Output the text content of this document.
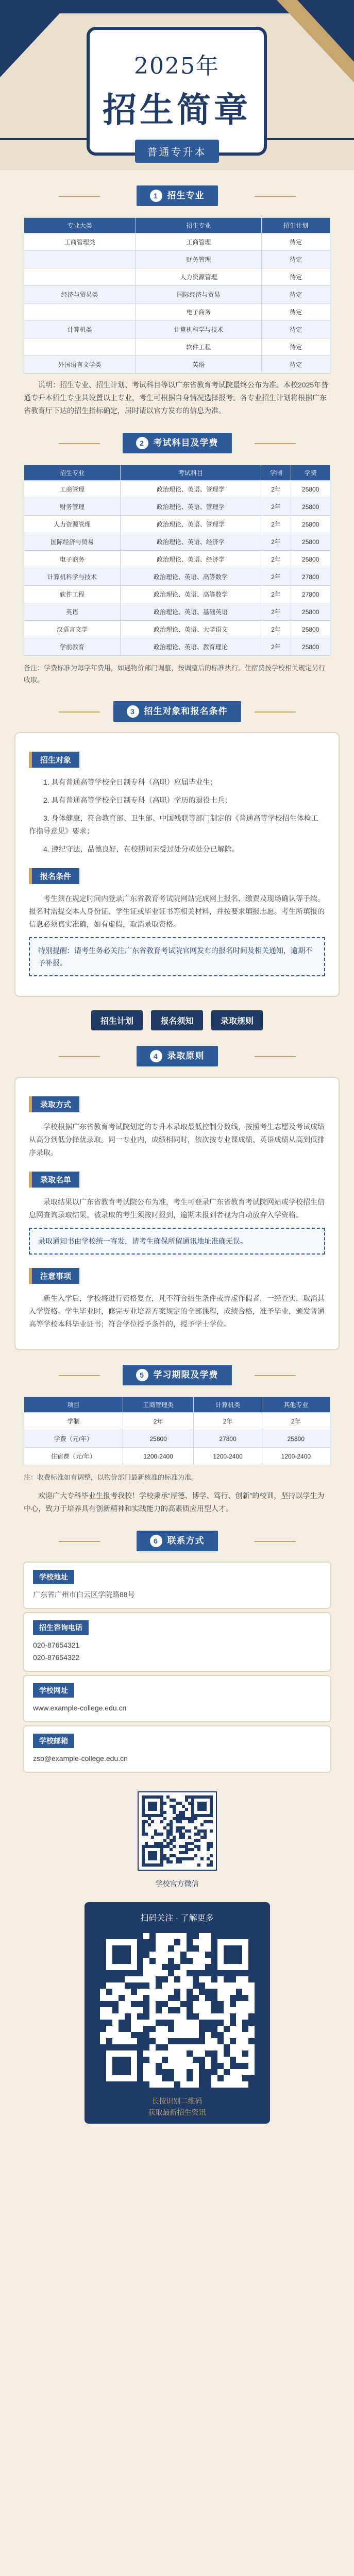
2025年
招生简章
普通专升本
1 招生专业
专业大类	招生专业	招生计划
工商管理类	工商管理	待定
	财务管理	待定
	人力资源管理	待定
经济与贸易类	国际经济与贸易	待定
	电子商务	待定
计算机类	计算机科学与技术	待定
	软件工程	待定
外国语言文学类	英语	待定

说明：招生专业、招生计划、考试科目等以广东省教育考试院最终公布为准。本校2025年普通专升本招生专业共设置以上专业，考生可根据自身情况选择报考。各专业招生计划将根据广东省教育厅下达的招生指标确定，届时请以官方发布的信息为准。

2 考试科目及学费
招生专业	考试科目	学制	学费
工商管理	政治理论、英语、管理学	2年	25800
财务管理	政治理论、英语、管理学	2年	25800
人力资源管理	政治理论、英语、管理学	2年	25800
国际经济与贸易	政治理论、英语、经济学	2年	25800
电子商务	政治理论、英语、经济学	2年	25800
计算机科学与技术	政治理论、英语、高等数学	2年	27800
软件工程	政治理论、英语、高等数学	2年	27800
英语	政治理论、英语、基础英语	2年	25800
汉语言文学	政治理论、英语、大学语文	2年	25800
学前教育	政治理论、英语、教育理论	2年	25800

备注：学费标准为每学年费用，如遇物价部门调整，按调整后的标准执行。住宿费按学校相关规定另行收取。

3 招生对象和报名条件
招生对象

1. 具有普通高等学校全日制专科（高职）应届毕业生；

2. 具有普通高等学校全日制专科（高职）学历的退役士兵；

3. 身体健康，符合教育部、卫生部、中国残联等部门制定的《普通高等学校招生体检工作指导意见》要求；

4. 遵纪守法，品德良好，在校期间未受过处分或处分已解除。

报名条件

考生须在规定时间内登录广东省教育考试院网站完成网上报名、缴费及现场确认等手续。报名时需提交本人身份证、学生证或毕业证书等相关材料，并按要求填报志愿。考生所填报的信息必须真实准确，如有虚假，取消录取资格。

特别提醒：请考生务必关注广东省教育考试院官网发布的报名时间及相关通知，逾期不予补报。
招生计划	报名须知	录取规则
4 录取原则
录取方式

学校根据广东省教育考试院划定的专升本录取最低控制分数线，按照考生志愿及考试成绩从高分到低分择优录取。同一专业内，成绩相同时，依次按专业课成绩、英语成绩从高到低排序录取。

录取名单

录取结果以广东省教育考试院公布为准，考生可登录广东省教育考试院网站或学校招生信息网查询录取结果。被录取的考生须按时报到，逾期未报到者视为自动放弃入学资格。

录取通知书由学校统一寄发，请考生确保所留通讯地址准确无误。
注意事项

新生入学后，学校将进行资格复查，凡不符合招生条件或弄虚作假者，一经查实，取消其入学资格。学生毕业时，修完专业培养方案规定的全部课程，成绩合格，准予毕业，颁发普通高等学校本科毕业证书；符合学位授予条件的，授予学士学位。

5 学习期限及学费
项目	工商管理类	计算机类	其他专业
学制	2年	2年	2年
学费（元/年）	25800	27800	25800
住宿费（元/年）	1200-2400	1200-2400	1200-2400

注：收费标准如有调整，以物价部门最新核准的标准为准。

欢迎广大专科毕业生报考我校！学校秉承“厚德、博学、笃行、创新”的校训，坚持以学生为中心，致力于培养具有创新精神和实践能力的高素质应用型人才。

6 联系方式
学校地址
广东省广州市白云区学院路88号
招生咨询电话
020-87654321
020-87654322
学校网址
www.example-college.edu.cn
学校邮箱
zsb@example-college.edu.cn
学校官方微信
扫码关注 · 了解更多
长按识别二维码
获取最新招生资讯
